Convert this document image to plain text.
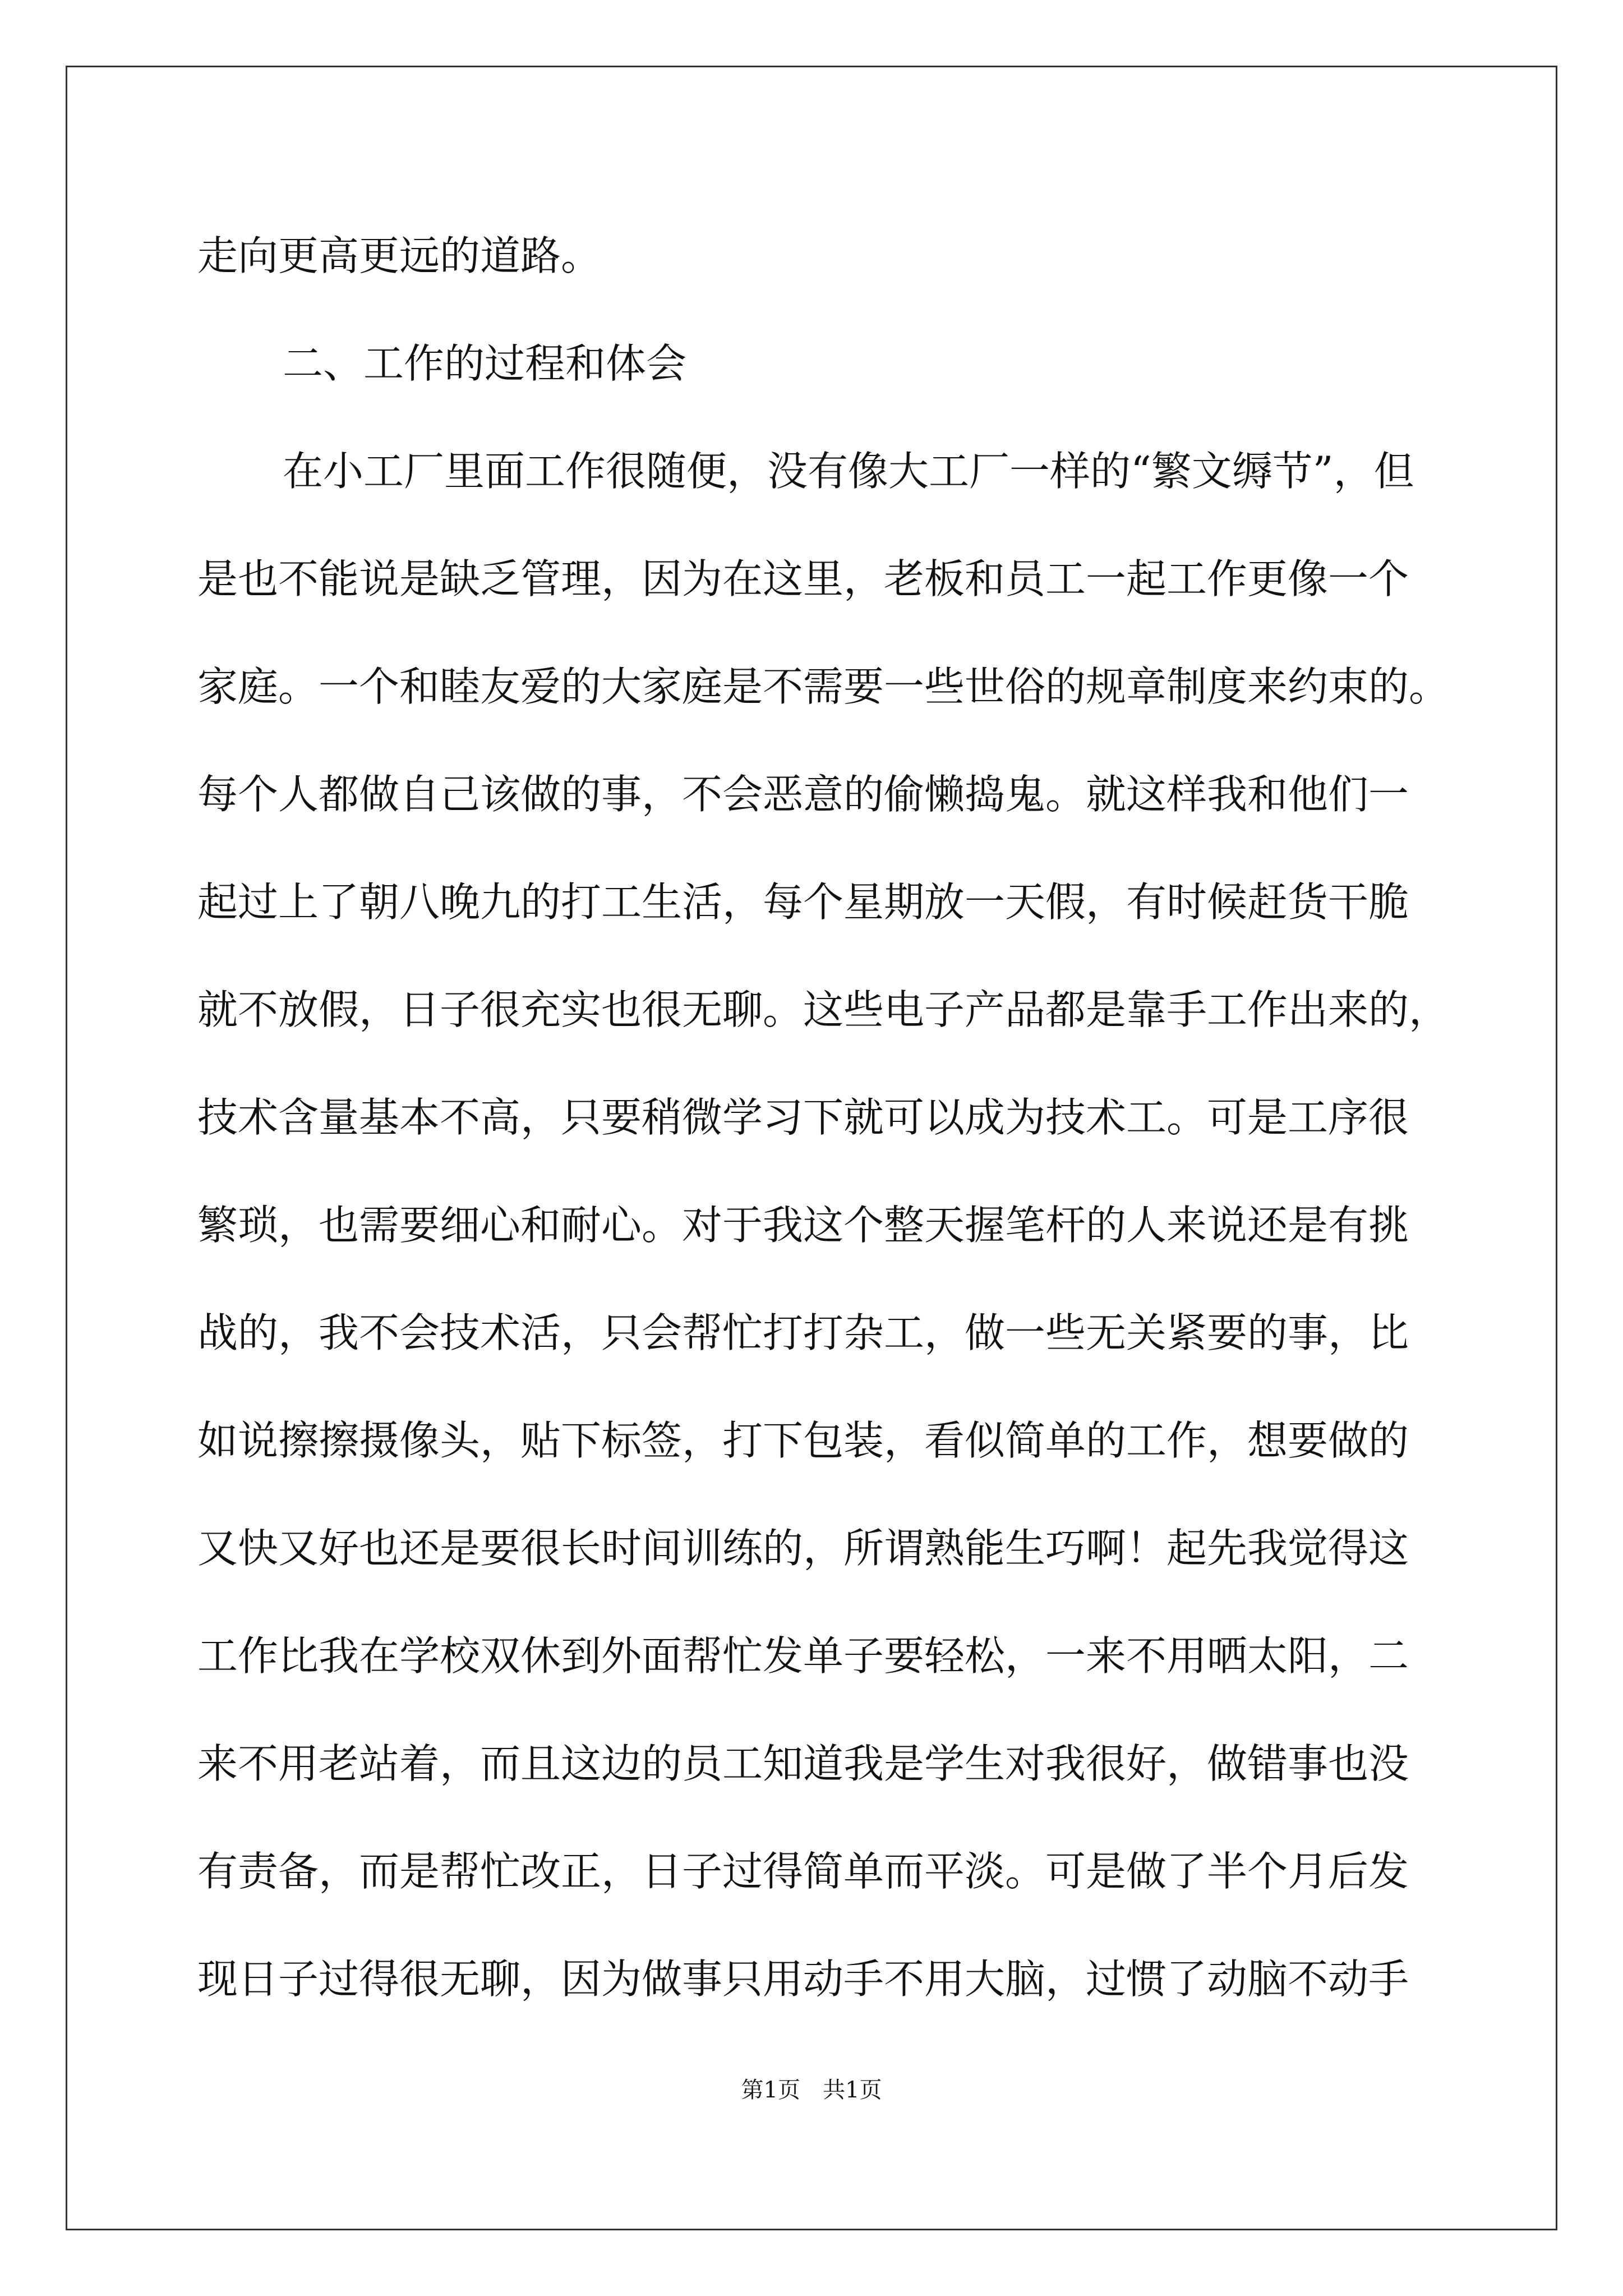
走向更高更远的道路。
二、工作的过程和体会
在小工厂里面工作很随便，没有像大工厂一样的“繁文缛节”，但
是也不能说是缺乏管理，因为在这里，老板和员工一起工作更像一个
家庭。一个和睦友爱的大家庭是不需要一些世俗的规章制度来约束的。
每个人都做自己该做的事，不会恶意的偷懒捣鬼。就这样我和他们一
起过上了朝八晚九的打工生活，每个星期放一天假，有时候赶货干脆
就不放假，日子很充实也很无聊。这些电子产品都是靠手工作出来的，
技术含量基本不高，只要稍微学习下就可以成为技术工。可是工序很
繁琐，也需要细心和耐心。对于我这个整天握笔杆的人来说还是有挑
战的，我不会技术活，只会帮忙打打杂工，做一些无关紧要的事，比
如说擦擦摄像头，贴下标签，打下包装，看似简单的工作，想要做的
又快又好也还是要很长时间训练的，所谓熟能生巧啊！起先我觉得这
工作比我在学校双休到外面帮忙发单子要轻松，一来不用晒太阳，二
来不用老站着，而且这边的员工知道我是学生对我很好，做错事也没
有责备，而是帮忙改正，日子过得简单而平淡。可是做了半个月后发
现日子过得很无聊，因为做事只用动手不用大脑，过惯了动脑不动手
第1页　共1页
